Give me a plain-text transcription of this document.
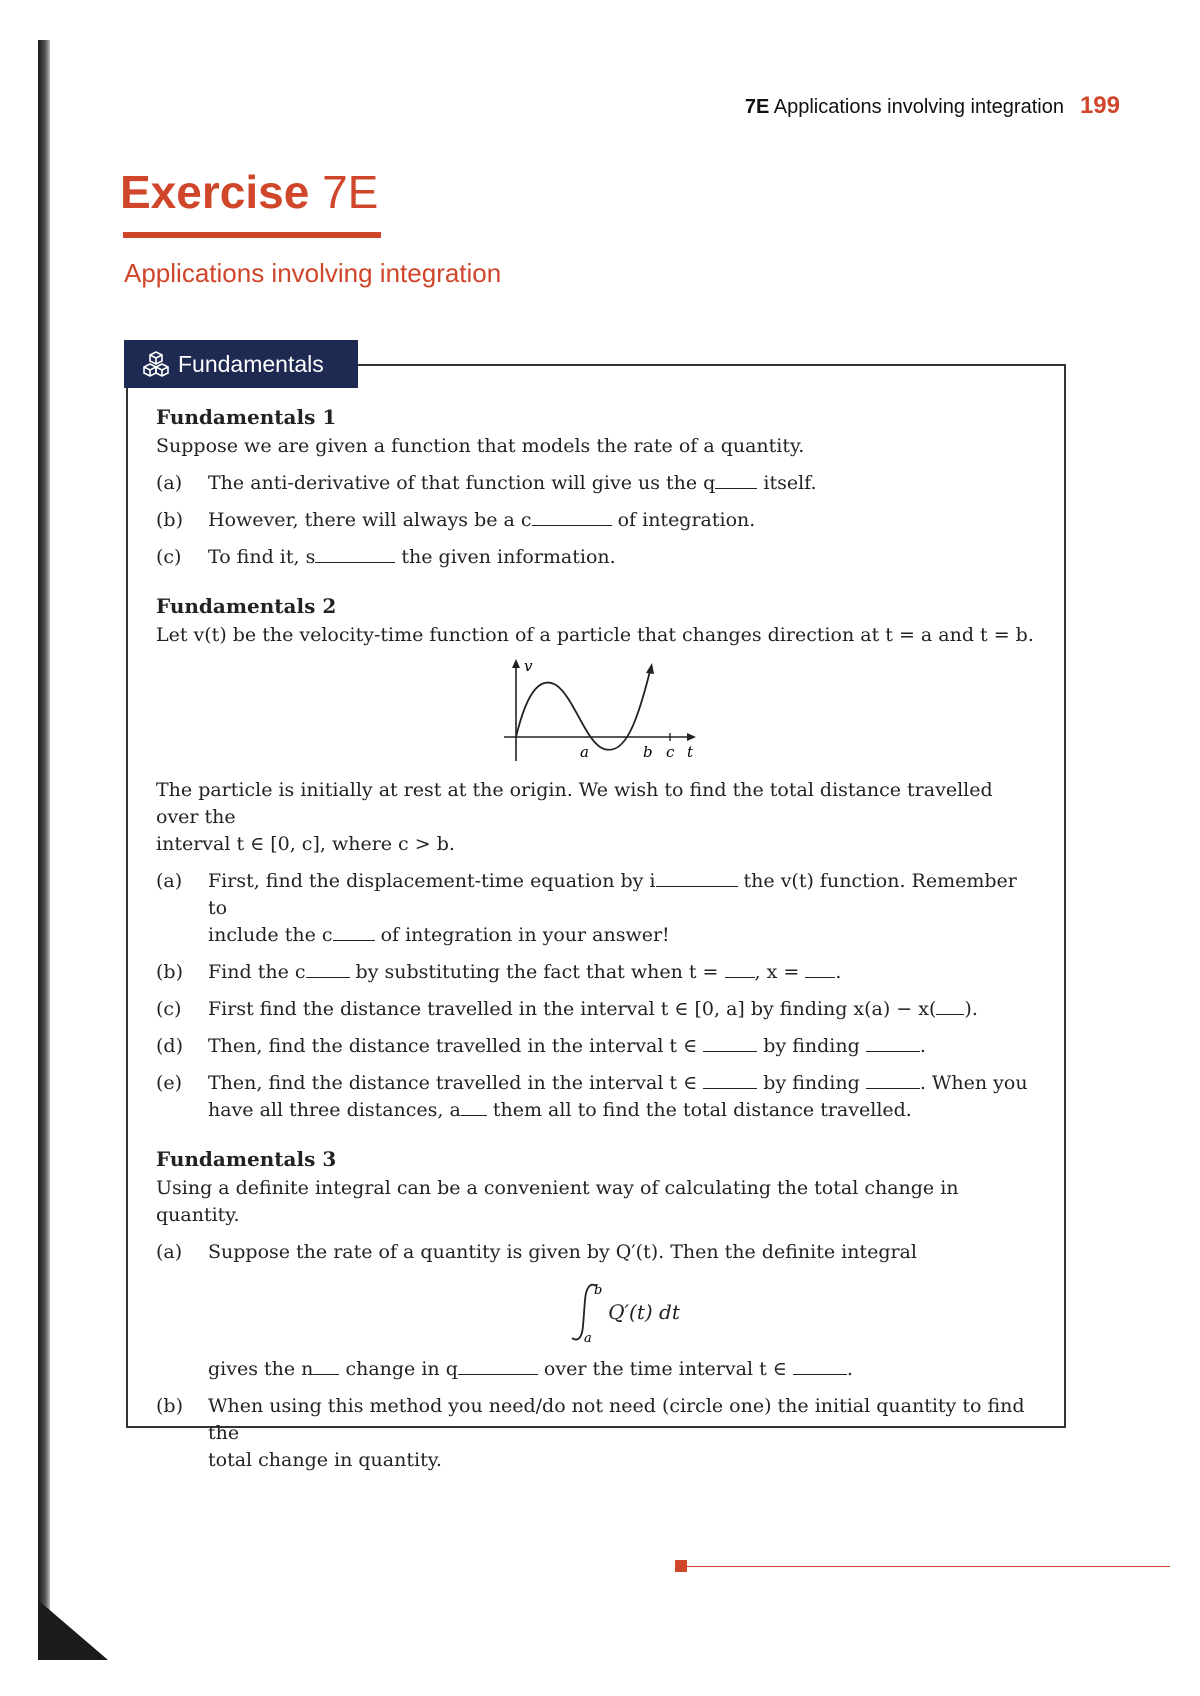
7E Applications involving integration 199
Exercise 7E
Applications involving integration
Fundamentals
Fundamentals 1
Suppose we are given a function that models the rate of a quantity.
(a)	The anti-derivative of that function will give us the q	itself.
(b)	However, there will always be a c	of integration.
(c)	To find it, s	the given information.
Fundamentals 2
Let v(t) be the velocity-time function of a particle that changes direction at t = a and t = b.
v
a	b c t
The particle is initially at rest at the origin. We wish to find the total distance travelled over the
interval t ∈ [0, c], where c > b.
(a)	First, find the displacement-time equation by i	the v(t) function. Remember to
include the c	of integration in your answer!
(b)	Find the c	by substituting the fact that when t = , x = .
(c)	First find the distance travelled in the interval t ∈ [0, a] by finding x(a) − x( ).
(d)	Then, find the distance travelled in the interval t ∈	by finding	.
(e)	Then, find the distance travelled in the interval t ∈	by finding	. When you
have all three distances, a them all to find the total distance travelled.
Fundamentals 3
Using a definite integral can be a convenient way of calculating the total change in quantity.
(a)	Suppose the rate of a quantity is given by Q′(t). Then the definite integral
b
a
Q′(t) dt
gives the n change in q	over the time interval t ∈	.
(b)	When using this method you need/do not need (circle one) the initial quantity to find the
total change in quantity.
